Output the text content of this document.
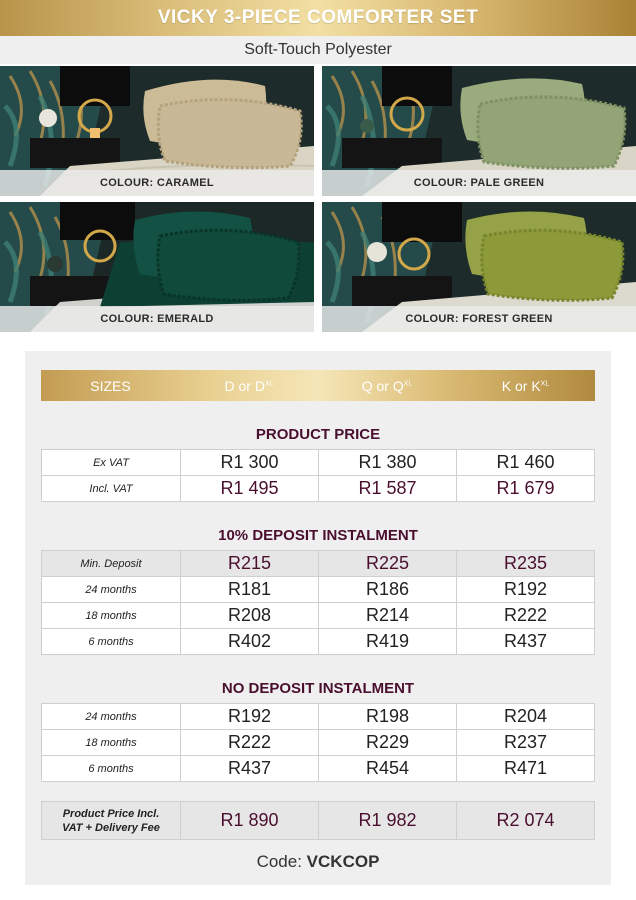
VICKY 3-PIECE COMFORTER SET
Soft-Touch Polyester
COLOUR: CARAMEL	COLOUR: PALE GREEN
COLOUR: EMERALD	COLOUR: FOREST GREEN
SIZES	D or $D^{XL}$	Q or $Q^{XL}$	K or $K^{XL}$
PRODUCT PRICE
Ex VAT	R1 300	R1 380	R1 460
Incl. VAT	R1 495	R1 587	R1 679
10% DEPOSIT INSTALMENT
Min. Deposit	R215	R225	R235
24 months	R181	R186	R192
18 months	R208	R214	R222
6 months	R402	R419	R437
NO DEPOSIT INSTALMENT
24 months	R192	R198	R204
18 months	R222	R229	R237
6 months	R437	R454	R471
Product Price Incl.
VAT + Delivery Fee	R1 890	R1 982	R2 074
Code: VCKCOP
